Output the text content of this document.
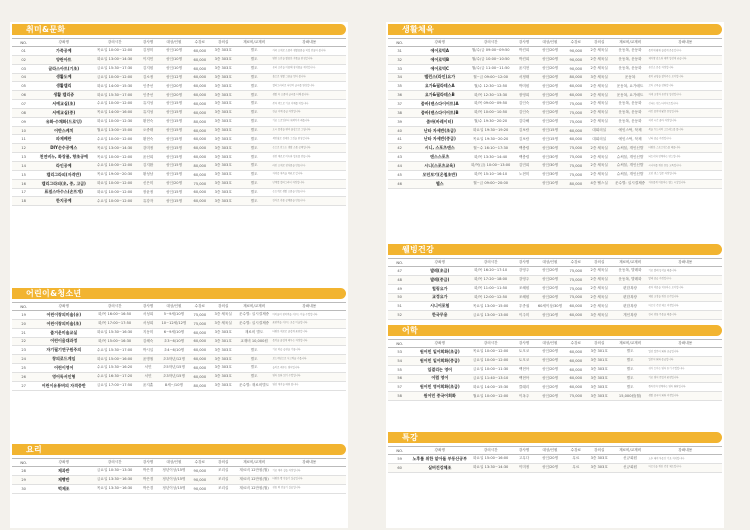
취미&문화
NO.	강좌명	강의시간	강사명	대상/인원	수강료	강의실	재료비/교재비	강좌내용
01	가죽공예	목요일 10:00~12:00	김정미	성인/10명	60,000	3층 303호	별도	가죽 소재로 소품과 생활용품을 직접 만들어 봅니다.
02	양란아트	화요일 13:00~14:30	이지민	성인/10명	60,000	3층 303호	별도	양란 도안을 활용한 작품을 완성합니다.
03	글라스아트(기초)	금요일 15:30~17:30	김지원	성인/10명	60,000	3층 303호	별도	유리 조각을 이용해 장식품을 제작합니다.
04	생활도예	금요일 10:00~12:00	김소정	성인/12명	60,000	3층 303호	별도	흙으로 생활 그릇을 빚어 봅니다.
05	생활캘리	화요일 14:00~15:30	인종선	성인/20명	60,000	3층 303호	별도	캘리그라피로 나만의 글씨를 완성합니다.
06	생활 캘리쥬	화요일 15:30~17:00	인종선	성인/20명	60,000	3층 303호	별도	생활 속 소품에 글씨를 더해 봅니다.
07	서예교실(초)	수요일 10:00~12:00	유지성	성인/15명	60,000	3층 303호	별도	붓과 먹으로 기초 서예를 익힙니다.
08	서예교실(중)	목요일 14:00~16:00	유지성	성인/15명	60,000	3층 303호	별도	한글 서예 중급 과정입니다.
09	유화·수채화(드로잉)	화요일 10:00~12:30	황현숙	성인/15명	80,000	3층 303호	별도	기초 드로잉부터 채색까지 배웁니다.
10	어반스케치	월요일 13:00~15:00	오중태	성인/15명	60,000	3층 303호	별도	도시 풍경을 펜과 물감으로 그립니다.
11	파제베란	수요일 10:00~12:00	황현숙	성인/15명	60,000	3층 303호	별도	색연필로 섬세한 그림을 완성합니다.
12	DIY손수공예스	목요일 13:00~14:30	강미정	성인/15명	60,000	3층 303호	별도	손으로 만드는 생활 소품 공예입니다.
13	천연비누, 화장품, 향초공예	목요일 10:00~12:00	윤선희	성인/15명	60,000	3층 303호	별도	천연 재료로 비누와 향초를 만듭니다.
14	라인공예	수요일 10:00~12:00	김지환	성인/15명	80,000	3층 303호	별도	라인 소재로 장식품을 만듭니다.
15	캘리그라피(자격반)	목요일 19:00~20:30	황성남	성인/15명	60,000	3층 303호	별도	자격증 취득을 목표로 합니다.
16	캘리그라피(초, 중, 고급)	화요일 10:00~12:00	신은미	성인/20명	75,000	3층 303호	별도	단계별 캘리그라피 과정입니다.
17	표점스마수스(손뜨개)	화요일 10:00~12:00	장윤정	성인/15명	60,000	3층 303호	별도	손뜨개로 생활 소품을 만듭니다.
18	한지공예	수요일 10:00~12:00	유강자	성인/15명	60,000	3층 303호	별도	한지로 전통 공예품을 만듭니다.
어린이&청소년
NO.	강좌명	강의시간	강사명	대상/인원	수강료	강의실	재료비/교재비	강좌내용
19	어린이창의미술(유)	화/목 16:00~16:50	서성희	5~9세/10명	75,000	3층 체육실	운수별: 실시결제중	아이들의 창의력을 키우는 미술 수업입니다.
20	어린이창의미술(초)	화/목 17:00~17:50	서성희	10~12세/12명	75,000	3층 체육실	운수별: 실시결제중	표현력을 키우는 초등 미술입니다.
21	즐거운미술교실	화요일 15:30~16:30	지동미	6~9세/10명	60,000	3층 303호	재료비 별도	다양한 재료로 즐겁게 표현합니다.
22	어린이음대과정	화/목 15:00~16:30	김혜숙	초3~6/10명	60,000	3층 301호	교재비 10,000원	음악을 즐겁게 배우는 과정입니다.
23	자기필기연구원주의	수요일 15:30~17:00	박시일	초4~6/10명	60,000	3층 303호	별도	기초 학습 습관을 기릅니다.
24	창의로드게임	화요일 15:00~16:00	윤명철	초3학년/12명	60,000	3층 303호	별도	보드게임으로 사고력을 키웁니다.
25	어린이영어	수요일 15:30~16:20	서민	초5학년/15명	60,000	3층 303호	별도	놀이로 배우는 영어입니다.
26	영어독서인형	수요일 16:30~17:20	서민	초3학년/15명	60,000	3층 303호	별도	영어 동화 읽기 수업입니다.
27	어린이유튜버의 자격증반	금요일 17:00~17:50	윤지훈	8세~/10명	80,000	3층 303호	운수별: 재료비별도	영상 제작을 배워 봅니다.
요리
NO.	강좌명	강의시간	강사명	대상/인원	수강료	강의실	재료비/교재비	강좌내용
28	제과반	금요일 10:30~13:30	박은경	정년이상/15명	90,000	조리실	재료비 12만원(월)	기초 제과 실습 과정입니다.
29	제빵반	금요일 13:30~16:30	박은경	정년이상/15명	90,000	조리실	재료비 12만원(월)	다양한 빵 만들기 실습입니다.
30	떡제조	목요일 13:30~16:30	박은경	정년이상/15명	90,000	조리실	재료비 12만원(월)	전통 떡 만들기 실습입니다.
생활체육
NO.	강좌명	강의시간	강사명	대상/인원	수강료	강의실	재료비/교재비	강좌내용
31	에어로빅A	월/수/금 09:00~09:50	박진희	성인/20명	90,000	2층 체육실	운동복, 운동화	음악에 맞춰 즐겁게 운동합니다.
32	에어로빅B	월/수/금 10:00~10:50	박진희	성인/20명	90,000	2층 체육실	운동복, 운동화	체지방 감소와 체력 향상에 좋습니다.
33	에어로빅C	월/수/금 11:00~11:50	윤지현	성인/20명	90,000	2층 체육실	운동복, 운동화	유산소 운동 과정입니다.
34	밸런스(라인)요가	월~금 09:00~12:00	서정태	성인/20명	80,000	3층 체육실	운동복	몸의 균형을 잡아주는 요가입니다.
35	요가&필라테스A	월/수 12:30~12:50	박미원	성인/20명	60,000	2층 체육실	운동복, 요가매트	코어 근육을 강화합니다.
36	요가&필라테스B	화/목 12:30~13:30	장영희	성인/20명	60,000	2층 체육실	운동복, 요가매트	자세 교정과 유연성 향상입니다.
37	줌바(댄스다이어트)A	화/목 09:00~09:50	김인숙	성인/20명	75,000	2층 체육실	운동복, 운동화	신나는 댄스 다이어트입니다.
38	줌바(댄스다이어트)B	화/목 10:00~10:50	김인숙	성인/20명	75,000	2층 체육실	운동복, 운동화	라틴 음악에 맞춘 운동입니다.
39	줌바(바레이터)	월/수 19:30~20:20	김다해	성인/20명	75,000	2층 체육실	운동복, 운동화	저녁 시간 줌바 과정입니다.
40	난타 자세반(초급)	화요일 19:30~19:20	김보람	성인/15명	60,000	대회의실	에잇스틱, 북채	북을 두드리며 스트레스를 풉니다.
41	난타 자세반(중급)	목요일 19:30~20:20	김보람	성인/15명	60,000	대회의실	에잇스틱, 북채	난타 중급 과정입니다.
42	시니, 스포츠댄스	월~수 16:10~17:30	백충렬	성인/30명	75,000	2층 체육실	슈써블, 개인신발	다양한 스포츠댄스를 배웁니다.
43	댄스스포츠	화/목 13:30~14:40	백충렬	성인/30명	75,000	2층 체육실	슈써블, 개인신발	파트너와 함께하는 댄스입니다.
44	시니(스포츠교육)	화/목(금) 10:00~13:00	김민희	성인/30명	75,000	2층 체육실	슈써블, 개인신발	시니어를 위한 운동 교육입니다.
45	모던보기(온철초반)	화/목 15:10~16:10	노현미	성인/30명	75,000	2층 체육실	슈써블, 개인신발	모던 댄스 입문 과정입니다.
46	헬스	월~금 09:00~20:00		성인/10명	80,000	4층 헬스실	운수별: 실시결제중	자유롭게 이용하는 헬스 시설입니다.
웰빙건강
NO.	강좌명	강의시간	강사명	대상/인원	수강료	강의실	재료비/교재비	강좌내용
47	발레(초급)	화/목 16:20~17:10	강영주	성인/20명	75,000	2층 체육실	운동복, 발레화	기초 발레 동작을 배웁니다.
48	발레(중급)	화/목 17:20~18:00	강영주	성인/20명	75,000	2층 체육실	운동복, 발레화	발레 중급 과정입니다.
49	힐링요가	화/목 11:00~11:50	조혜원	성인/20명	75,000	2층 체육실	편한복장	몸과 마음을 치유하는 요가입니다.
50	교정요가	화/목 12:00~12:50	조혜원	성인/20명	75,000	2층 체육실	편한복장	체형 교정을 위한 요가입니다.
51	시니어포험	목요일 13:00~15:00	우종권	60세이상/30명	60,000	2층 체육실	편한복장	어르신 건강 체조 과정입니다.
52	한국무용	금요일 13:00~13:00	이주미	성인/10명	60,000	3층 체육실	개인복장	한국 전통 무용을 배웁니다.
어학
NO.	강좌명	강의시간	강사명	대상/인원	수강료	강의실	재료비/교재비	강좌내용
53	원어민 일어회화(초급)	목요일 10:00~12:00	토모코	성인/20명	60,000	3층 301호	별도	일상 일본어 회화 초급입니다.
54	원어민 일어회화(중급)	금요일 10:00~12:00	토모코	성인/20명	60,000	3층 301호	별도	일본어 회화 중급입니다.
55	입결리는 영어	금요일 10:00~11:30	백현아	성인/20명	60,000	3층 303호	별도	귀가 트이는 영어 듣기 수업입니다.
56	어렵 영어	금요일 11:40~13:10	백현아	성인/20명	60,000	3층 303호	별도	기초 영어 문법과 표현입니다.
57	원어민 영어회화(초급)	화요일 14:00~15:30	클래리	성인/20명	60,000	3층 303호	별도	원어민과 함께하는 영어 회화입니다.
58	원어민 중국어회화	월요일 10:00~12:00	이옥주	성인/20명	75,000	3층 303호	15,000원(월)	생활 중국어 회화 과정입니다.
특강
NO.	강좌명	강의시간	강사명	대상/인원	수강료	강의실	재료비/교재비	강좌내용
59	노후를 위한 알아둘 부동산공부	화요일 15:00~16:00	고무다	성인/20명	무료	3층 303호	신규회원	노후 대비 부동산 기초 지식입니다.
60	실버건강체조	화요일 13:30~14:30	이미정	성인/20명	무료	3층 303호	신규회원	어르신을 위한 건강 체조입니다.
